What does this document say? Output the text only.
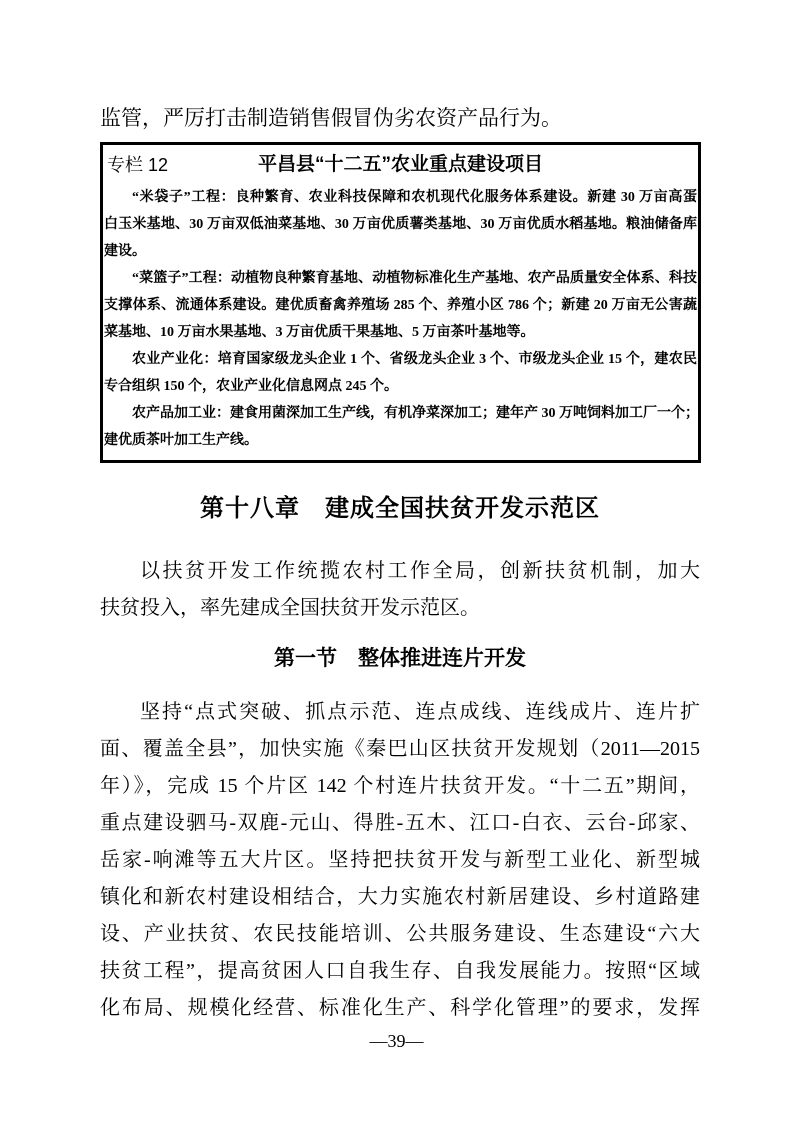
监管，严厉打击制造销售假冒伪劣农资产品行为。
专栏 12	平昌县“十二五”农业重点建设项目
“米袋子”工程：良种繁育、农业科技保障和农机现代化服务体系建设。新建 30 万亩高蛋
白玉米基地、30 万亩双低油菜基地、30 万亩优质薯类基地、30 万亩优质水稻基地。粮油储备库
建设。
“菜篮子”工程：动植物良种繁育基地、动植物标准化生产基地、农产品质量安全体系、科技
支撑体系、流通体系建设。建优质畜禽养殖场 285 个、养殖小区 786 个；新建 20 万亩无公害蔬
菜基地、10 万亩水果基地、3 万亩优质干果基地、5 万亩茶叶基地等。
农业产业化：培育国家级龙头企业 1 个、省级龙头企业 3 个、市级龙头企业 15 个，建农民
专合组织 150 个，农业产业化信息网点 245 个。
农产品加工业：建食用菌深加工生产线，有机净菜深加工；建年产 30 万吨饲料加工厂一个；
建优质茶叶加工生产线。
第十八章　建成全国扶贫开发示范区
以扶贫开发工作统揽农村工作全局，创新扶贫机制，加大
扶贫投入，率先建成全国扶贫开发示范区。
第一节　整体推进连片开发
坚持“点式突破、抓点示范、连点成线、连线成片、连片扩
面、覆盖全县”，加快实施《秦巴山区扶贫开发规划（2011—2015
年）》，完成 15 个片区 142 个村连片扶贫开发。“十二五”期间，
重点建设驷马-双鹿-元山、得胜-五木、江口-白衣、云台-邱家、
岳家-响滩等五大片区。坚持把扶贫开发与新型工业化、新型城
镇化和新农村建设相结合，大力实施农村新居建设、乡村道路建
设、产业扶贫、农民技能培训、公共服务建设、生态建设“六大
扶贫工程”，提高贫困人口自我生存、自我发展能力。按照“区域
化布局、规模化经营、标准化生产、科学化管理”的要求，发挥
—39—
